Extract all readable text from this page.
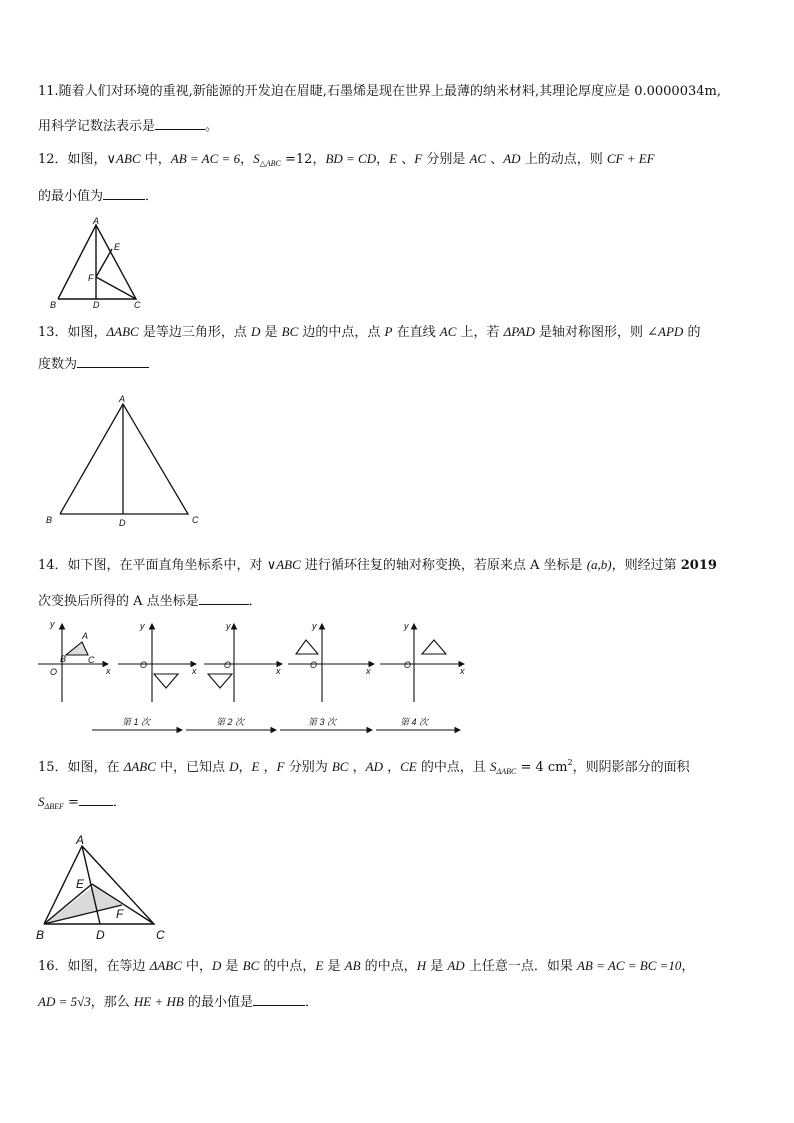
11.随着人们对环境的重视,新能源的开发迫在眉睫,石墨烯是现在世界上最薄的纳米材料,其理论厚度应是 0.0000034m,
用科学记数法表示是	。
12．如图，∨ABC 中，AB = AC = 6，$S_{\triangle ABC} =12$，BD = CD，E 、F 分别是 AC 、AD 上的动点，则 CF + EF
的最小值为	．
A
B	C
D
E
F
13．如图，ΔABC 是等边三角形，点 D 是 BC 边的中点，点 P 在直线 AC 上，若 ΔPAD 是轴对称图形，则 ∠APD 的
度数为
A
B	C
D
14．如下图，在平面直角坐标系中，对 ∨ABC 进行循环往复的轴对称变换，若原来点 A 坐标是 (a,b)，则经过第 2019
次变换后所得的 A 点坐标是	．
y
x
O
A
B C
y
x
O
y
x
O
y
x
O
y
x
O
第 1 次	第 2 次	第 3 次	第 4 次
15．如图，在 ΔABC 中，已知点 D，E ，F 分别为 BC ，AD ，CE 的中点，且 $S_{\Delta ABC} = 4$ $cm^2$，则阴影部分的面积
$S_{\Delta BEF}$ =	．
A
B	C
D
E
F
16．如图，在等边 ΔABC 中，D 是 BC 的中点，E 是 AB 的中点，H 是 AD 上任意一点．如果 AB = AC = BC =10，
AD = 5√3，那么 HE + HB 的最小值是	．
